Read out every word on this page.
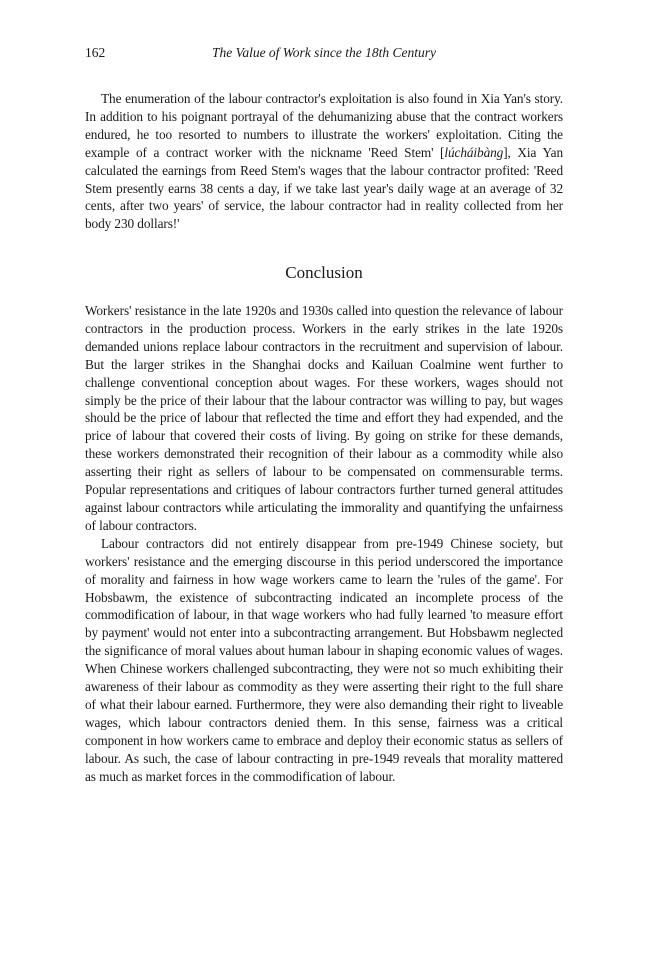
162	The Value of Work since the 18th Century

The enumeration of the labour contractor's exploitation is also found in Xia Yan's story. In addition to his poignant portrayal of the dehumanizing abuse that the contract workers endured, he too resorted to numbers to illustrate the workers' exploitation. Citing the example of a contract worker with the nickname 'Reed Stem' [lúcháibàng], Xia Yan calculated the earnings from Reed Stem's wages that the labour contractor profited: 'Reed Stem presently earns 38 cents a day, if we take last year's daily wage at an average of 32 cents, after two years' of service, the labour contractor had in reality collected from her body 230 dollars!'

Conclusion

Workers' resistance in the late 1920s and 1930s called into question the relevance of labour contractors in the production process. Workers in the early strikes in the late 1920s demanded unions replace labour contractors in the recruitment and supervision of labour. But the larger strikes in the Shanghai docks and Kailuan Coalmine went further to challenge conventional conception about wages. For these workers, wages should not simply be the price of their labour that the labour contractor was willing to pay, but wages should be the price of labour that reflected the time and effort they had expended, and the price of labour that covered their costs of living. By going on strike for these demands, these workers demonstrated their recognition of their labour as a commodity while also asserting their right as sellers of labour to be compensated on commensurable terms. Popular representations and critiques of labour contractors further turned general attitudes against labour contractors while articulating the immorality and quantifying the unfairness of labour contractors.

Labour contractors did not entirely disappear from pre-1949 Chinese society, but workers' resistance and the emerging discourse in this period underscored the importance of morality and fairness in how wage workers came to learn the 'rules of the game'. For Hobsbawm, the existence of subcontracting indicated an incomplete process of the commodification of labour, in that wage workers who had fully learned 'to measure effort by payment' would not enter into a subcontracting arrangement. But Hobsbawm neglected the significance of moral values about human labour in shaping economic values of wages. When Chinese workers challenged subcontracting, they were not so much exhibiting their awareness of their labour as commodity as they were asserting their right to the full share of what their labour earned. Furthermore, they were also demanding their right to liveable wages, which labour contractors denied them. In this sense, fairness was a critical component in how workers came to embrace and deploy their economic status as sellers of labour. As such, the case of labour contracting in pre-1949 reveals that morality mattered as much as market forces in the commodification of labour.
